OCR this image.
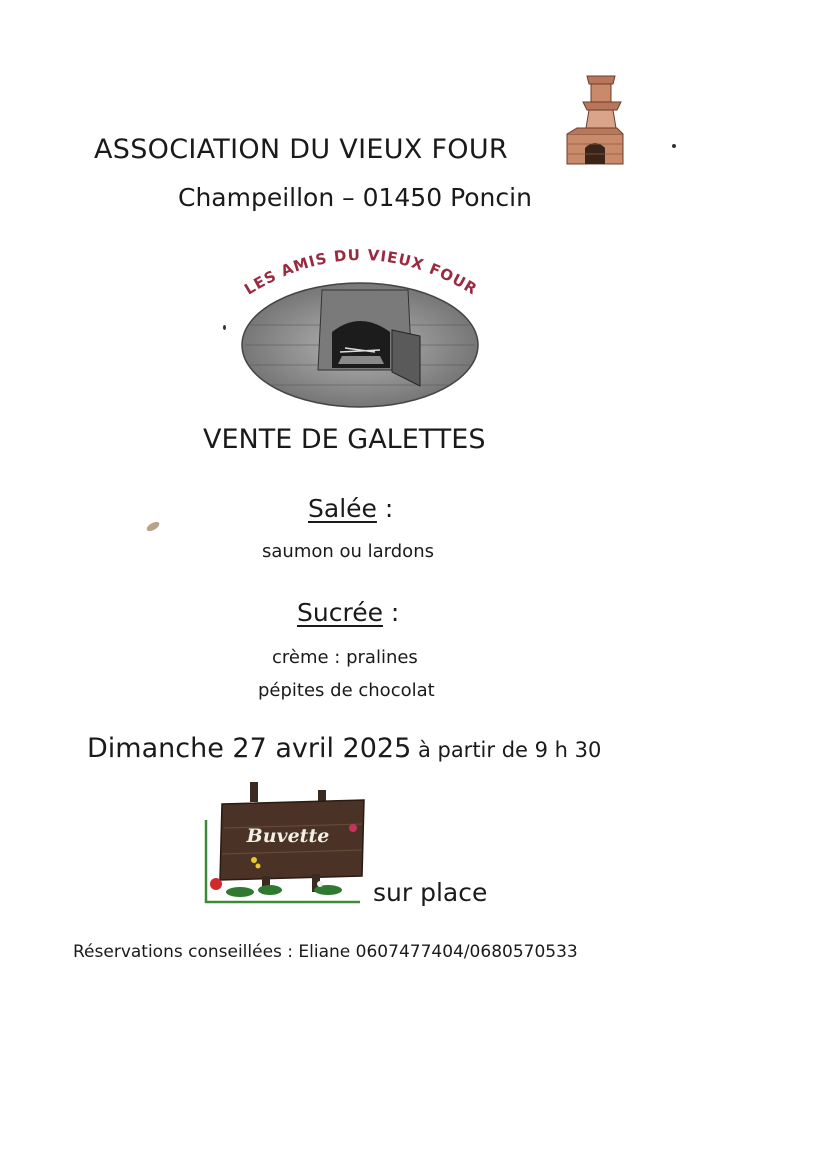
ASSOCIATION DU VIEUX FOUR
Champeillon – 01450 Poncin
LES AMIS DU VIEUX FOUR
VENTE DE GALETTES
Salée :
saumon ou lardons
Sucrée :
crème : pralines
pépites de chocolat
Dimanche 27 avril 2025 à partir de 9 h 30
Buvette
sur place
Réservations conseillées : Eliane 0607477404/0680570533
